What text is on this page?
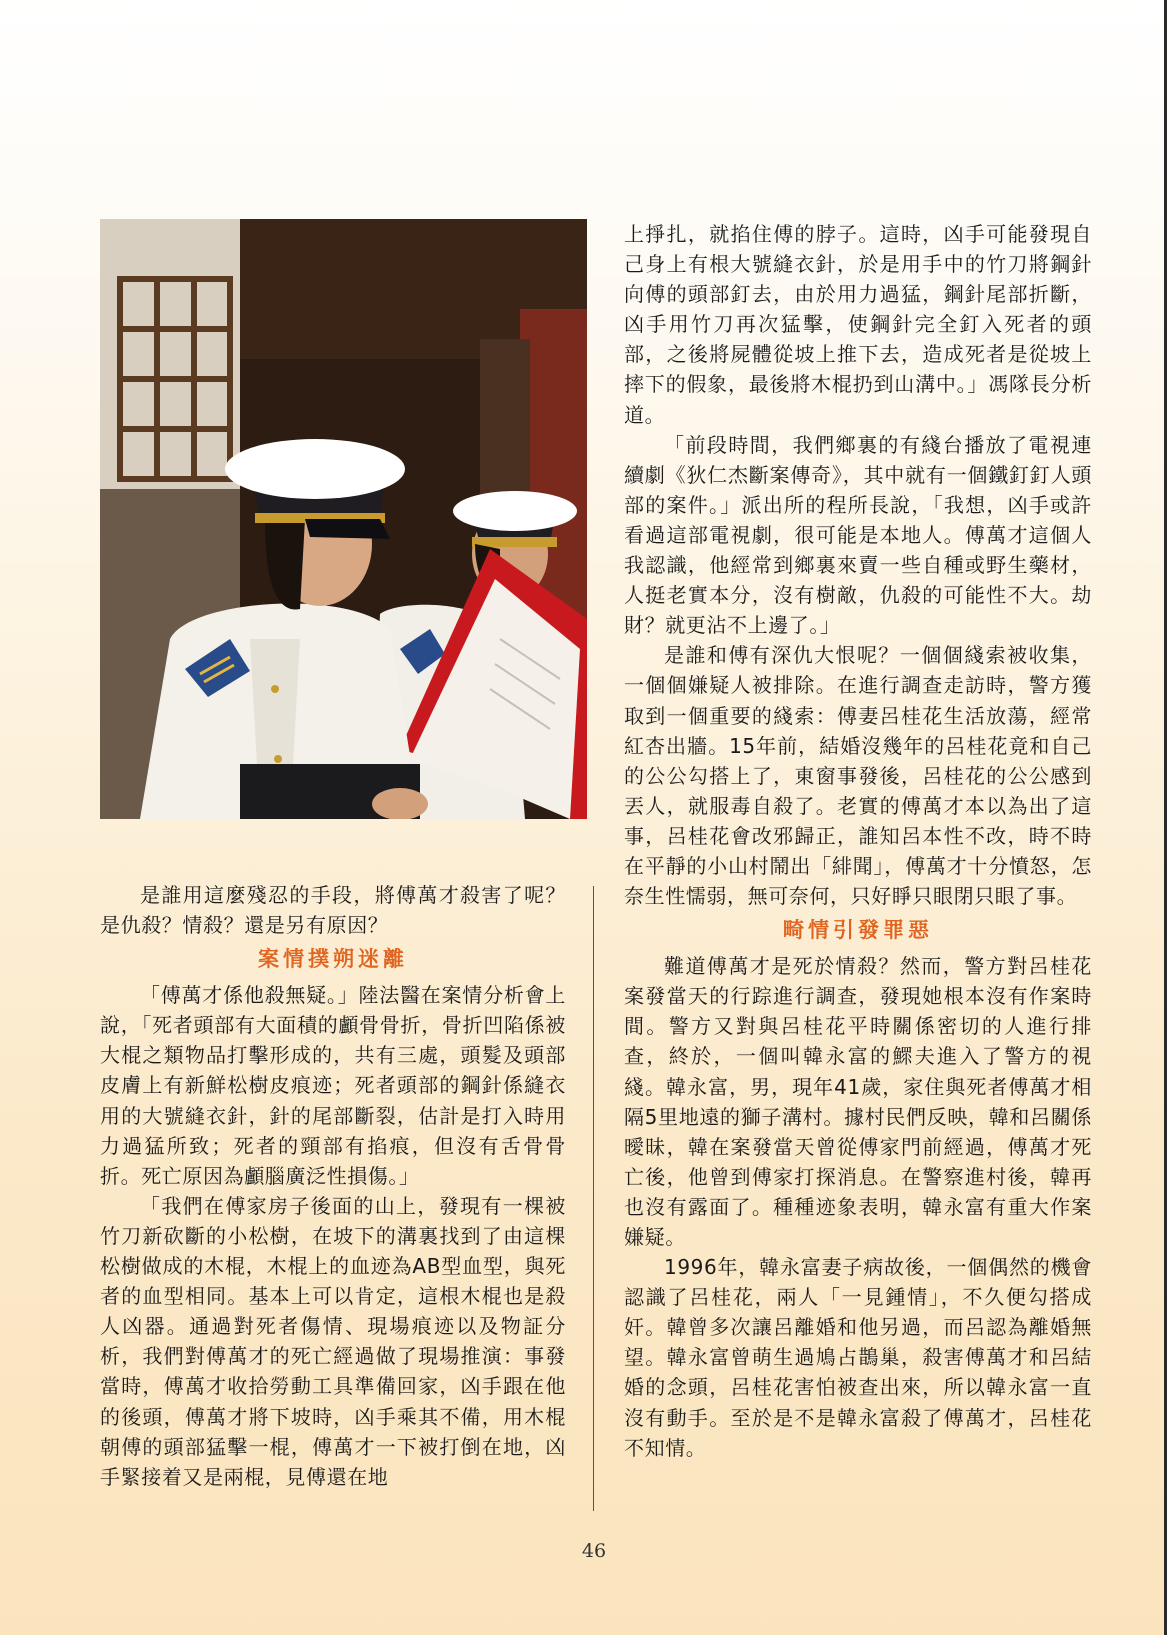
是誰用這麼殘忍的手段，將傅萬才殺害了呢？是仇殺？情殺？還是另有原因？

案情撲朔迷離

「傅萬才係他殺無疑。」陸法醫在案情分析會上說，「死者頭部有大面積的顱骨骨折，骨折凹陷係被大棍之類物品打擊形成的，共有三處，頭髮及頭部皮膚上有新鮮松樹皮痕迹；死者頭部的鋼針係縫衣用的大號縫衣針，針的尾部斷裂，估計是打入時用力過猛所致；死者的頸部有掐痕，但沒有舌骨骨折。死亡原因為顱腦廣泛性損傷。」

「我們在傅家房子後面的山上，發現有一棵被竹刀新砍斷的小松樹，在坡下的溝裏找到了由這棵松樹做成的木棍，木棍上的血迹為AB型血型，與死者的血型相同。基本上可以肯定，這根木棍也是殺人凶器。通過對死者傷情、現場痕迹以及物証分析，我們對傅萬才的死亡經過做了現場推演：事發當時，傅萬才收拾勞動工具準備回家，凶手跟在他的後頭，傅萬才將下坡時，凶手乘其不備，用木棍朝傅的頭部猛擊一棍，傅萬才一下被打倒在地，凶手緊接着又是兩棍，見傅還在地

上掙扎，就掐住傅的脖子。這時，凶手可能發現自己身上有根大號縫衣針，於是用手中的竹刀將鋼針向傅的頭部釘去，由於用力過猛，鋼針尾部折斷，凶手用竹刀再次猛擊，使鋼針完全釘入死者的頭部，之後將屍體從坡上推下去，造成死者是從坡上摔下的假象，最後將木棍扔到山溝中。」馮隊長分析道。

「前段時間，我們鄉裏的有綫台播放了電視連續劇《狄仁杰斷案傳奇》，其中就有一個鐵釘釘人頭部的案件。」派出所的程所長說，「我想，凶手或許看過這部電視劇，很可能是本地人。傅萬才這個人我認識，他經常到鄉裏來賣一些自種或野生藥材，人挺老實本分，沒有樹敵，仇殺的可能性不大。劫財？就更沾不上邊了。」

是誰和傅有深仇大恨呢？一個個綫索被收集，一個個嫌疑人被排除。在進行調查走訪時，警方獲取到一個重要的綫索：傅妻呂桂花生活放蕩，經常紅杏出牆。15年前，結婚沒幾年的呂桂花竟和自己的公公勾搭上了，東窗事發後，呂桂花的公公感到丟人，就服毒自殺了。老實的傅萬才本以為出了這事，呂桂花會改邪歸正，誰知呂本性不改，時不時在平靜的小山村鬧出「緋聞」，傅萬才十分憤怒，怎奈生性懦弱，無可奈何，只好睜只眼閉只眼了事。

畸情引發罪惡

難道傅萬才是死於情殺？然而，警方對呂桂花案發當天的行踪進行調查，發現她根本沒有作案時間。警方又對與呂桂花平時關係密切的人進行排查，終於，一個叫韓永富的鰥夫進入了警方的視綫。韓永富，男，現年41歲，家住與死者傅萬才相隔5里地遠的獅子溝村。據村民們反映，韓和呂關係曖昧，韓在案發當天曾從傅家門前經過，傅萬才死亡後，他曾到傅家打探消息。在警察進村後，韓再也沒有露面了。種種迹象表明，韓永富有重大作案嫌疑。

1996年，韓永富妻子病故後，一個偶然的機會認識了呂桂花，兩人「一見鍾情」，不久便勾搭成奸。韓曾多次讓呂離婚和他另過，而呂認為離婚無望。韓永富曾萌生過鳩占鵲巢，殺害傅萬才和呂結婚的念頭，呂桂花害怕被查出來，所以韓永富一直沒有動手。至於是不是韓永富殺了傅萬才，呂桂花不知情。

46
